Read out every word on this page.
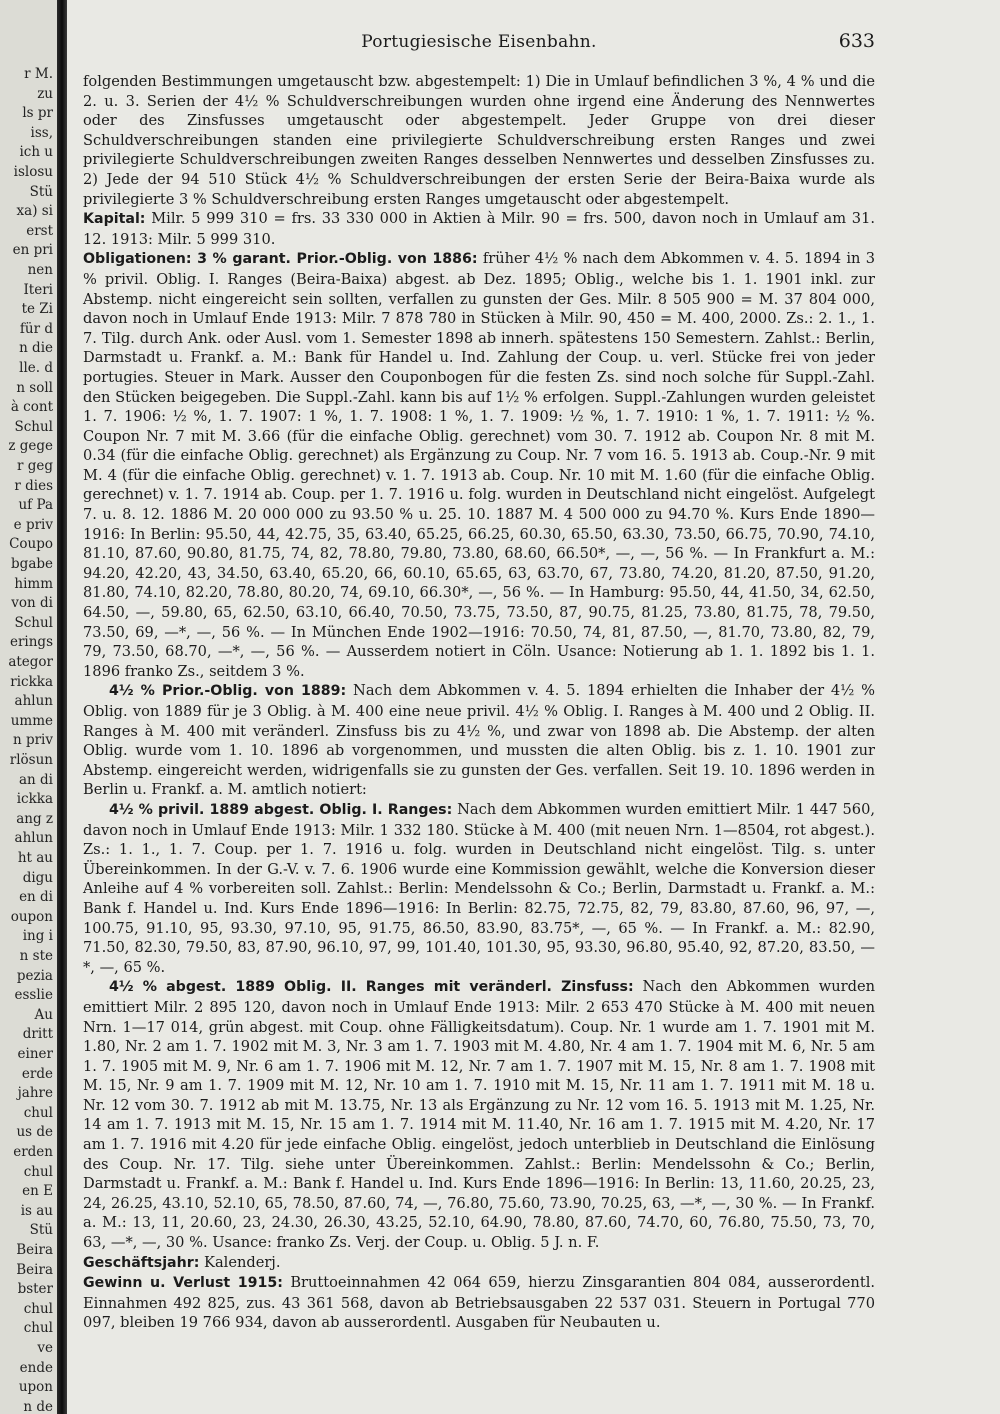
r M.
zu
ls pr
iss,
ich u
islosu
Stü
xa) si
erst
en pri
nen
Iteri
te Zi
für d
n die
lle. d
n soll
à cont
Schul
z gege
r geg
r dies
uf Pa
e priv
Coupo
bgabe
himm
von di
Schul
erings
ategor
rickka
ahlun
umme
n priv
rlösun
an di
ickka
ang z
ahlun
ht au
digu
en di
oupon
ing i
n ste
pezia
esslie
Au
dritt
einer
erde
jahre
chul
us de
erden
chul
en E
is au
Stü
Beira
Beira
bster
chul
chul
ve
ende
upon
n de
Portugiesische Eisenbahn.	633

folgenden Bestimmungen umgetauscht bzw. abgestempelt: 1) Die in Umlauf befindlichen 3 %, 4 % und die 2. u. 3. Serien der 4½ % Schuldverschreibungen wurden ohne irgend eine Änderung des Nennwertes oder des Zinsfusses umgetauscht oder abgestempelt. Jeder Gruppe von drei dieser Schuldverschreibungen standen eine privilegierte Schuldverschreibung ersten Ranges und zwei privilegierte Schuldverschreibungen zweiten Ranges desselben Nennwertes und desselben Zinsfusses zu. 2) Jede der 94 510 Stück 4½ % Schuldverschreibungen der ersten Serie der Beira-Baixa wurde als privilegierte 3 % Schuldverschreibung ersten Ranges umgetauscht oder abgestempelt.

Kapital: Milr. 5 999 310 = frs. 33 330 000 in Aktien à Milr. 90 = frs. 500, davon noch in Umlauf am 31. 12. 1913: Milr. 5 999 310.

Obligationen: 3 % garant. Prior.-Oblig. von 1886: früher 4½ % nach dem Abkommen v. 4. 5. 1894 in 3 % privil. Oblig. I. Ranges (Beira-Baixa) abgest. ab Dez. 1895; Oblig., welche bis 1. 1. 1901 inkl. zur Abstemp. nicht eingereicht sein sollten, verfallen zu gunsten der Ges. Milr. 8 505 900 = M. 37 804 000, davon noch in Umlauf Ende 1913: Milr. 7 878 780 in Stücken à Milr. 90, 450 = M. 400, 2000. Zs.: 2. 1., 1. 7. Tilg. durch Ank. oder Ausl. vom 1. Semester 1898 ab innerh. spätestens 150 Semestern. Zahlst.: Berlin, Darmstadt u. Frankf. a. M.: Bank für Handel u. Ind. Zahlung der Coup. u. verl. Stücke frei von jeder portugies. Steuer in Mark. Ausser den Couponbogen für die festen Zs. sind noch solche für Suppl.-Zahl. den Stücken beigegeben. Die Suppl.-Zahl. kann bis auf 1½ % erfolgen. Suppl.-Zahlungen wurden geleistet 1. 7. 1906: ½ %, 1. 7. 1907: 1 %, 1. 7. 1908: 1 %, 1. 7. 1909: ½ %, 1. 7. 1910: 1 %, 1. 7. 1911: ½ %. Coupon Nr. 7 mit M. 3.66 (für die einfache Oblig. gerechnet) vom 30. 7. 1912 ab. Coupon Nr. 8 mit M. 0.34 (für die einfache Oblig. gerechnet) als Ergänzung zu Coup. Nr. 7 vom 16. 5. 1913 ab. Coup.-Nr. 9 mit M. 4 (für die einfache Oblig. gerechnet) v. 1. 7. 1913 ab. Coup. Nr. 10 mit M. 1.60 (für die einfache Oblig. gerechnet) v. 1. 7. 1914 ab. Coup. per 1. 7. 1916 u. folg. wurden in Deutschland nicht eingelöst. Aufgelegt 7. u. 8. 12. 1886 M. 20 000 000 zu 93.50 % u. 25. 10. 1887 M. 4 500 000 zu 94.70 %. Kurs Ende 1890—1916: In Berlin: 95.50, 44, 42.75, 35, 63.40, 65.25, 66.25, 60.30, 65.50, 63.30, 73.50, 66.75, 70.90, 74.10, 81.10, 87.60, 90.80, 81.75, 74, 82, 78.80, 79.80, 73.80, 68.60, 66.50*, —, —, 56 %. — In Frankfurt a. M.: 94.20, 42.20, 43, 34.50, 63.40, 65.20, 66, 60.10, 65.65, 63, 63.70, 67, 73.80, 74.20, 81.20, 87.50, 91.20, 81.80, 74.10, 82.20, 78.80, 80.20, 74, 69.10, 66.30*, —, 56 %. — In Hamburg: 95.50, 44, 41.50, 34, 62.50, 64.50, —, 59.80, 65, 62.50, 63.10, 66.40, 70.50, 73.75, 73.50, 87, 90.75, 81.25, 73.80, 81.75, 78, 79.50, 73.50, 69, —*, —, 56 %. — In München Ende 1902—1916: 70.50, 74, 81, 87.50, —, 81.70, 73.80, 82, 79, 79, 73.50, 68.70, —*, —, 56 %. — Ausserdem notiert in Cöln. Usance: Notierung ab 1. 1. 1892 bis 1. 1. 1896 franko Zs., seitdem 3 %.

4½ % Prior.-Oblig. von 1889: Nach dem Abkommen v. 4. 5. 1894 erhielten die Inhaber der 4½ % Oblig. von 1889 für je 3 Oblig. à M. 400 eine neue privil. 4½ % Oblig. I. Ranges à M. 400 und 2 Oblig. II. Ranges à M. 400 mit veränderl. Zinsfuss bis zu 4½ %, und zwar von 1898 ab. Die Abstemp. der alten Oblig. wurde vom 1. 10. 1896 ab vorgenommen, und mussten die alten Oblig. bis z. 1. 10. 1901 zur Abstemp. eingereicht werden, widrigenfalls sie zu gunsten der Ges. verfallen. Seit 19. 10. 1896 werden in Berlin u. Frankf. a. M. amtlich notiert:

4½ % privil. 1889 abgest. Oblig. I. Ranges: Nach dem Abkommen wurden emittiert Milr. 1 447 560, davon noch in Umlauf Ende 1913: Milr. 1 332 180. Stücke à M. 400 (mit neuen Nrn. 1—8504, rot abgest.). Zs.: 1. 1., 1. 7. Coup. per 1. 7. 1916 u. folg. wurden in Deutschland nicht eingelöst. Tilg. s. unter Übereinkommen. In der G.-V. v. 7. 6. 1906 wurde eine Kommission gewählt, welche die Konversion dieser Anleihe auf 4 % vorbereiten soll. Zahlst.: Berlin: Mendelssohn & Co.; Berlin, Darmstadt u. Frankf. a. M.: Bank f. Handel u. Ind. Kurs Ende 1896—1916: In Berlin: 82.75, 72.75, 82, 79, 83.80, 87.60, 96, 97, —, 100.75, 91.10, 95, 93.30, 97.10, 95, 91.75, 86.50, 83.90, 83.75*, —, 65 %. — In Frankf. a. M.: 82.90, 71.50, 82.30, 79.50, 83, 87.90, 96.10, 97, 99, 101.40, 101.30, 95, 93.30, 96.80, 95.40, 92, 87.20, 83.50, —*, —, 65 %.

4½ % abgest. 1889 Oblig. II. Ranges mit veränderl. Zinsfuss: Nach den Abkommen wurden emittiert Milr. 2 895 120, davon noch in Umlauf Ende 1913: Milr. 2 653 470 Stücke à M. 400 mit neuen Nrn. 1—17 014, grün abgest. mit Coup. ohne Fälligkeitsdatum). Coup. Nr. 1 wurde am 1. 7. 1901 mit M. 1.80, Nr. 2 am 1. 7. 1902 mit M. 3, Nr. 3 am 1. 7. 1903 mit M. 4.80, Nr. 4 am 1. 7. 1904 mit M. 6, Nr. 5 am 1. 7. 1905 mit M. 9, Nr. 6 am 1. 7. 1906 mit M. 12, Nr. 7 am 1. 7. 1907 mit M. 15, Nr. 8 am 1. 7. 1908 mit M. 15, Nr. 9 am 1. 7. 1909 mit M. 12, Nr. 10 am 1. 7. 1910 mit M. 15, Nr. 11 am 1. 7. 1911 mit M. 18 u. Nr. 12 vom 30. 7. 1912 ab mit M. 13.75, Nr. 13 als Ergänzung zu Nr. 12 vom 16. 5. 1913 mit M. 1.25, Nr. 14 am 1. 7. 1913 mit M. 15, Nr. 15 am 1. 7. 1914 mit M. 11.40, Nr. 16 am 1. 7. 1915 mit M. 4.20, Nr. 17 am 1. 7. 1916 mit 4.20 für jede einfache Oblig. eingelöst, jedoch unterblieb in Deutschland die Einlösung des Coup. Nr. 17. Tilg. siehe unter Übereinkommen. Zahlst.: Berlin: Mendelssohn & Co.; Berlin, Darmstadt u. Frankf. a. M.: Bank f. Handel u. Ind. Kurs Ende 1896—1916: In Berlin: 13, 11.60, 20.25, 23, 24, 26.25, 43.10, 52.10, 65, 78.50, 87.60, 74, —, 76.80, 75.60, 73.90, 70.25, 63, —*, —, 30 %. — In Frankf. a. M.: 13, 11, 20.60, 23, 24.30, 26.30, 43.25, 52.10, 64.90, 78.80, 87.60, 74.70, 60, 76.80, 75.50, 73, 70, 63, —*, —, 30 %. Usance: franko Zs. Verj. der Coup. u. Oblig. 5 J. n. F.

Geschäftsjahr: Kalenderj.

Gewinn u. Verlust 1915: Bruttoeinnahmen 42 064 659, hierzu Zinsgarantien 804 084, ausserordentl. Einnahmen 492 825, zus. 43 361 568, davon ab Betriebsausgaben 22 537 031. Steuern in Portugal 770 097, bleiben 19 766 934, davon ab ausserordentl. Ausgaben für Neubauten u.
